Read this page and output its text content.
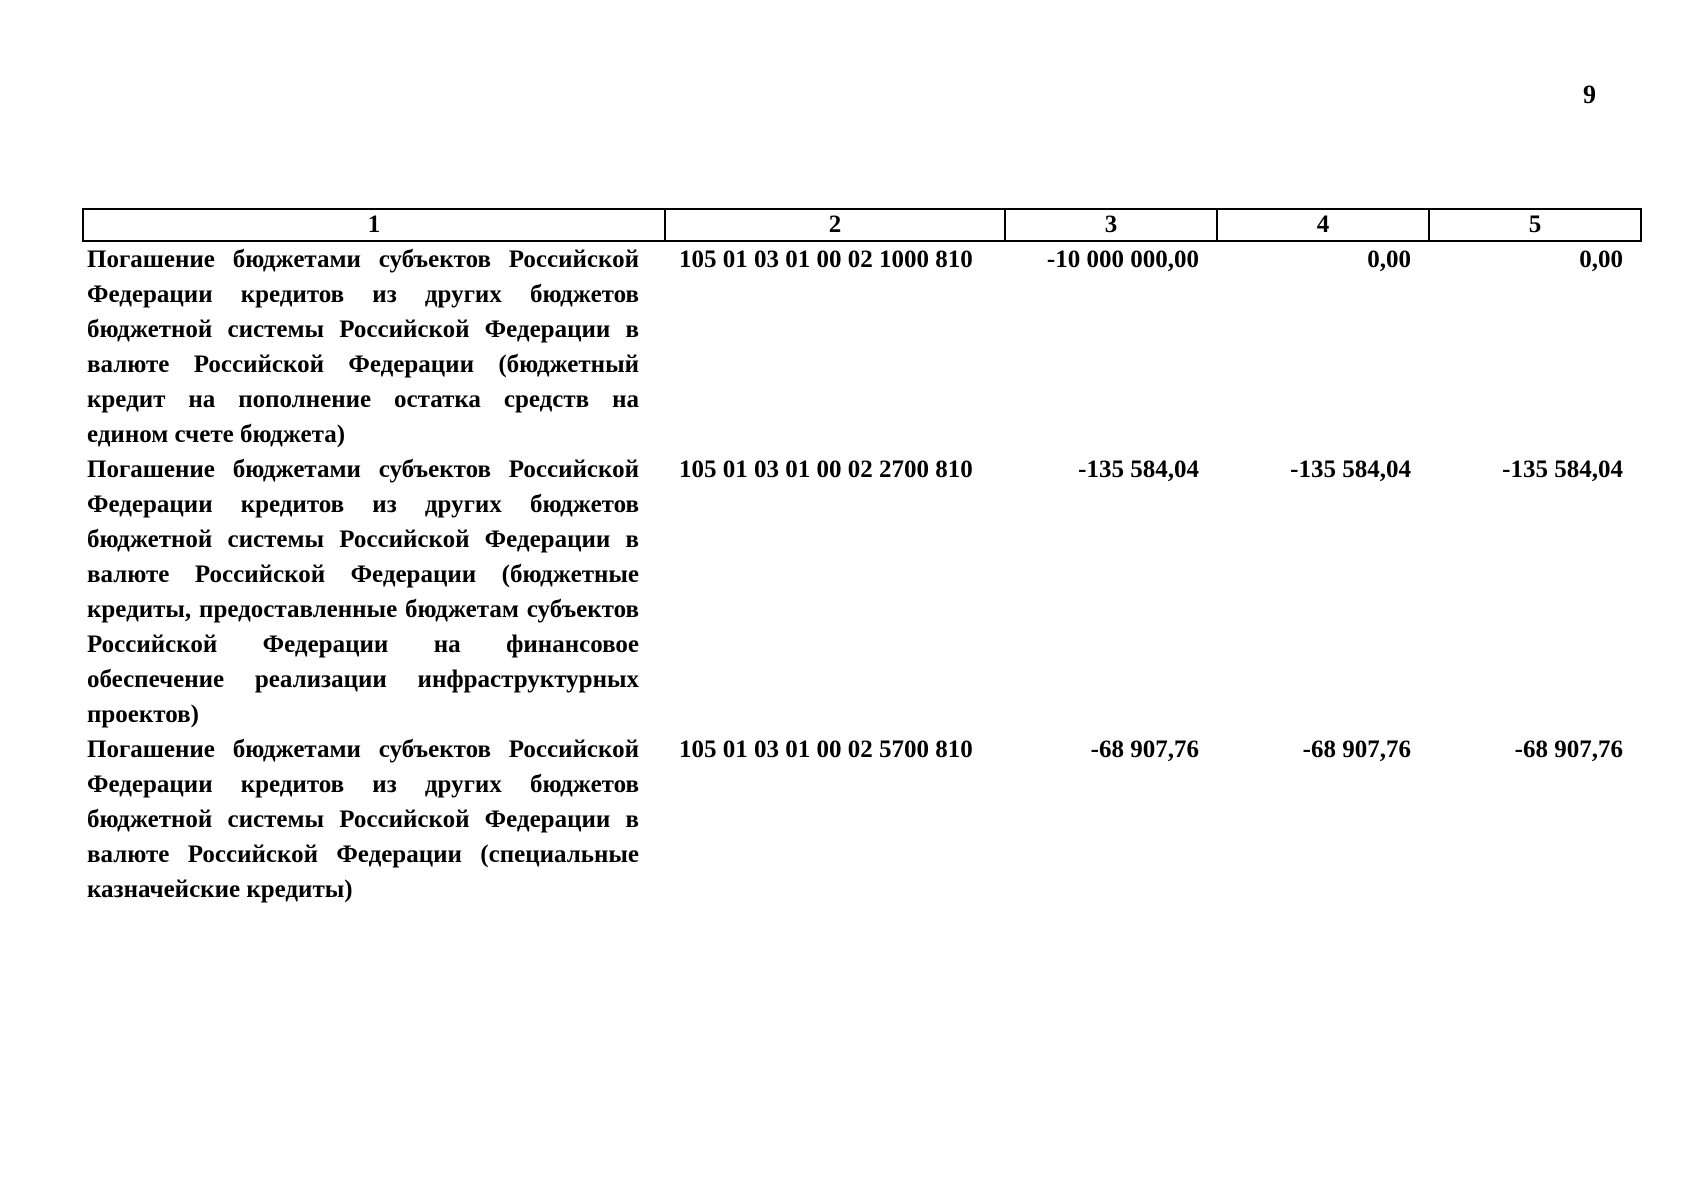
9
1	2	3	4	5
Погашение бюджетами субъектов Российской Федерации кредитов из других бюджетов бюджетной системы Российской Федерации в валюте Российской Федерации (бюджетный кредит на пополнение остатка средств на едином счете бюджета)	105 01 03 01 00 02 1000 810	-10 000 000,00	0,00	0,00
Погашение бюджетами субъектов Российской Федерации кредитов из других бюджетов бюджетной системы Российской Федерации в валюте Российской Федерации (бюджетные кредиты, предоставленные бюджетам субъектов Российской Федерации на финансовое обеспечение реализации инфраструктурных проектов)	105 01 03 01 00 02 2700 810	-135 584,04	-135 584,04	-135 584,04
Погашение бюджетами субъектов Российской Федерации кредитов из других бюджетов бюджетной системы Российской Федерации в валюте Российской Федерации (специальные казначейские кредиты)	105 01 03 01 00 02 5700 810	-68 907,76	-68 907,76	-68 907,76
